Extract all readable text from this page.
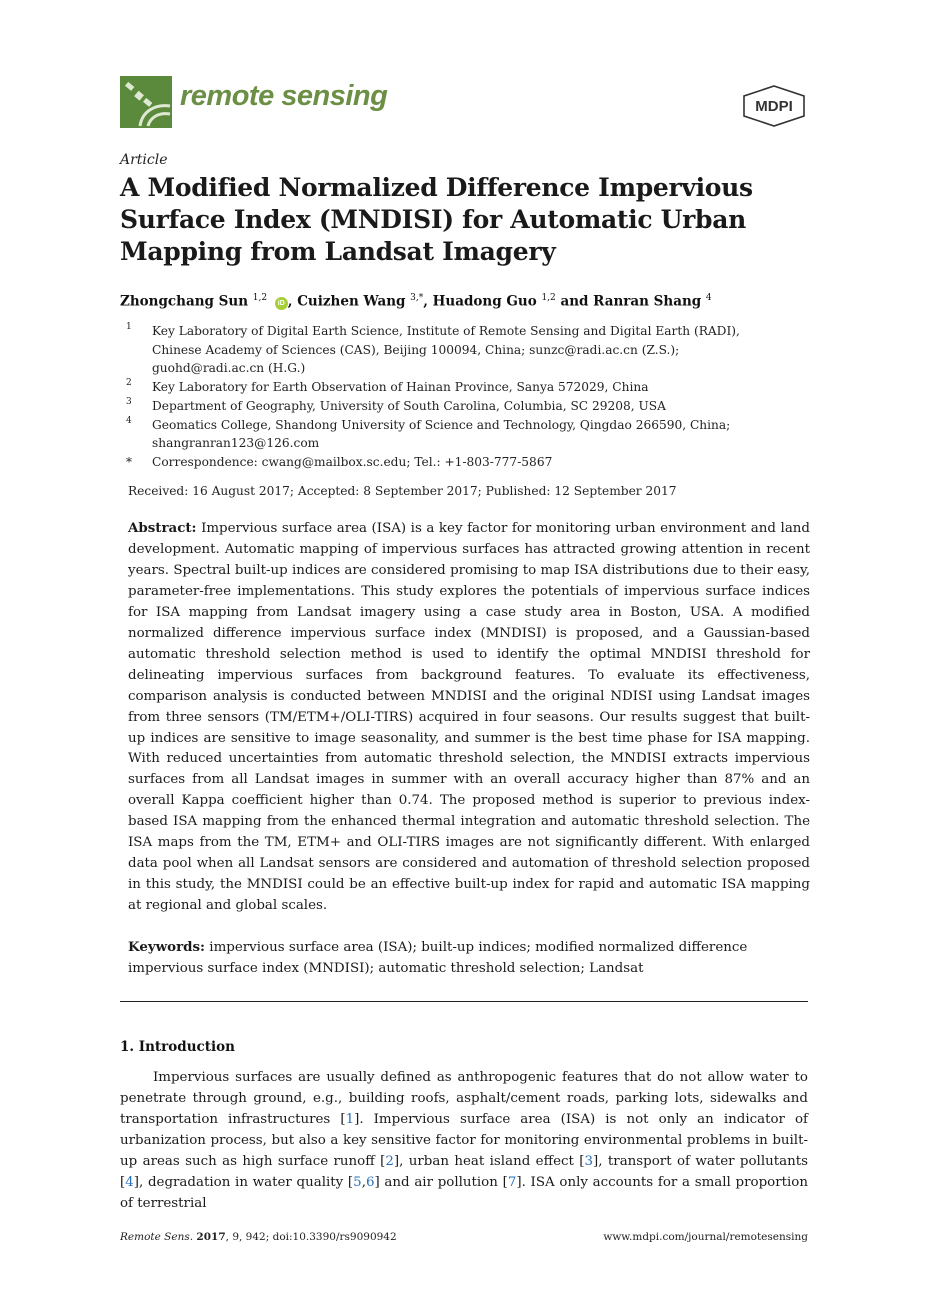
remote sensing	MDPI
Article
A Modified Normalized Difference Impervious Surface Index (MNDISI) for Automatic Urban Mapping from Landsat Imagery
Zhongchang Sun $^{1,2}$ iD , Cuizhen Wang $^{3,*}$, Huadong Guo $^{1,2}$ and Ranran Shang $^4$
1 Key Laboratory of Digital Earth Science, Institute of Remote Sensing and Digital Earth (RADI),
Chinese Academy of Sciences (CAS), Beijing 100094, China; sunzc@radi.ac.cn (Z.S.);
guohd@radi.ac.cn (H.G.)
2 Key Laboratory for Earth Observation of Hainan Province, Sanya 572029, China
3 Department of Geography, University of South Carolina, Columbia, SC 29208, USA
4 Geomatics College, Shandong University of Science and Technology, Qingdao 266590, China;
shangranran123@126.com
* Correspondence: cwang@mailbox.sc.edu; Tel.: +1-803-777-5867
Received: 16 August 2017; Accepted: 8 September 2017; Published: 12 September 2017

Abstract: Impervious surface area (ISA) is a key factor for monitoring urban environment and land development. Automatic mapping of impervious surfaces has attracted growing attention in recent years. Spectral built-up indices are considered promising to map ISA distributions due to their easy, parameter-free implementations. This study explores the potentials of impervious surface indices for ISA mapping from Landsat imagery using a case study area in Boston, USA. A modified normalized difference impervious surface index (MNDISI) is proposed, and a Gaussian-based automatic threshold selection method is used to identify the optimal MNDISI threshold for delineating impervious surfaces from background features. To evaluate its effectiveness, comparison analysis is conducted between MNDISI and the original NDISI using Landsat images from three sensors (TM/ETM+/OLI-TIRS) acquired in four seasons. Our results suggest that built-up indices are sensitive to image seasonality, and summer is the best time phase for ISA mapping. With reduced uncertainties from automatic threshold selection, the MNDISI extracts impervious surfaces from all Landsat images in summer with an overall accuracy higher than 87% and an overall Kappa coefficient higher than 0.74. The proposed method is superior to previous index-based ISA mapping from the enhanced thermal integration and automatic threshold selection. The ISA maps from the TM, ETM+ and OLI-TIRS images are not significantly different. With enlarged data pool when all Landsat sensors are considered and automation of threshold selection proposed in this study, the MNDISI could be an effective built-up index for rapid and automatic ISA mapping at regional and global scales.

Keywords: impervious surface area (ISA); built-up indices; modified normalized difference impervious surface index (MNDISI); automatic threshold selection; Landsat

1. Introduction

Impervious surfaces are usually defined as anthropogenic features that do not allow water to penetrate through ground, e.g., building roofs, asphalt/cement roads, parking lots, sidewalks and transportation infrastructures [1]. Impervious surface area (ISA) is not only an indicator of urbanization process, but also a key sensitive factor for monitoring environmental problems in built-up areas such as high surface runoff [2], urban heat island effect [3], transport of water pollutants [4], degradation in water quality [5,6] and air pollution [7]. ISA only accounts for a small proportion of terrestrial

Remote Sens. 2017, 9, 942; doi:10.3390/rs9090942	www.mdpi.com/journal/remotesensing
